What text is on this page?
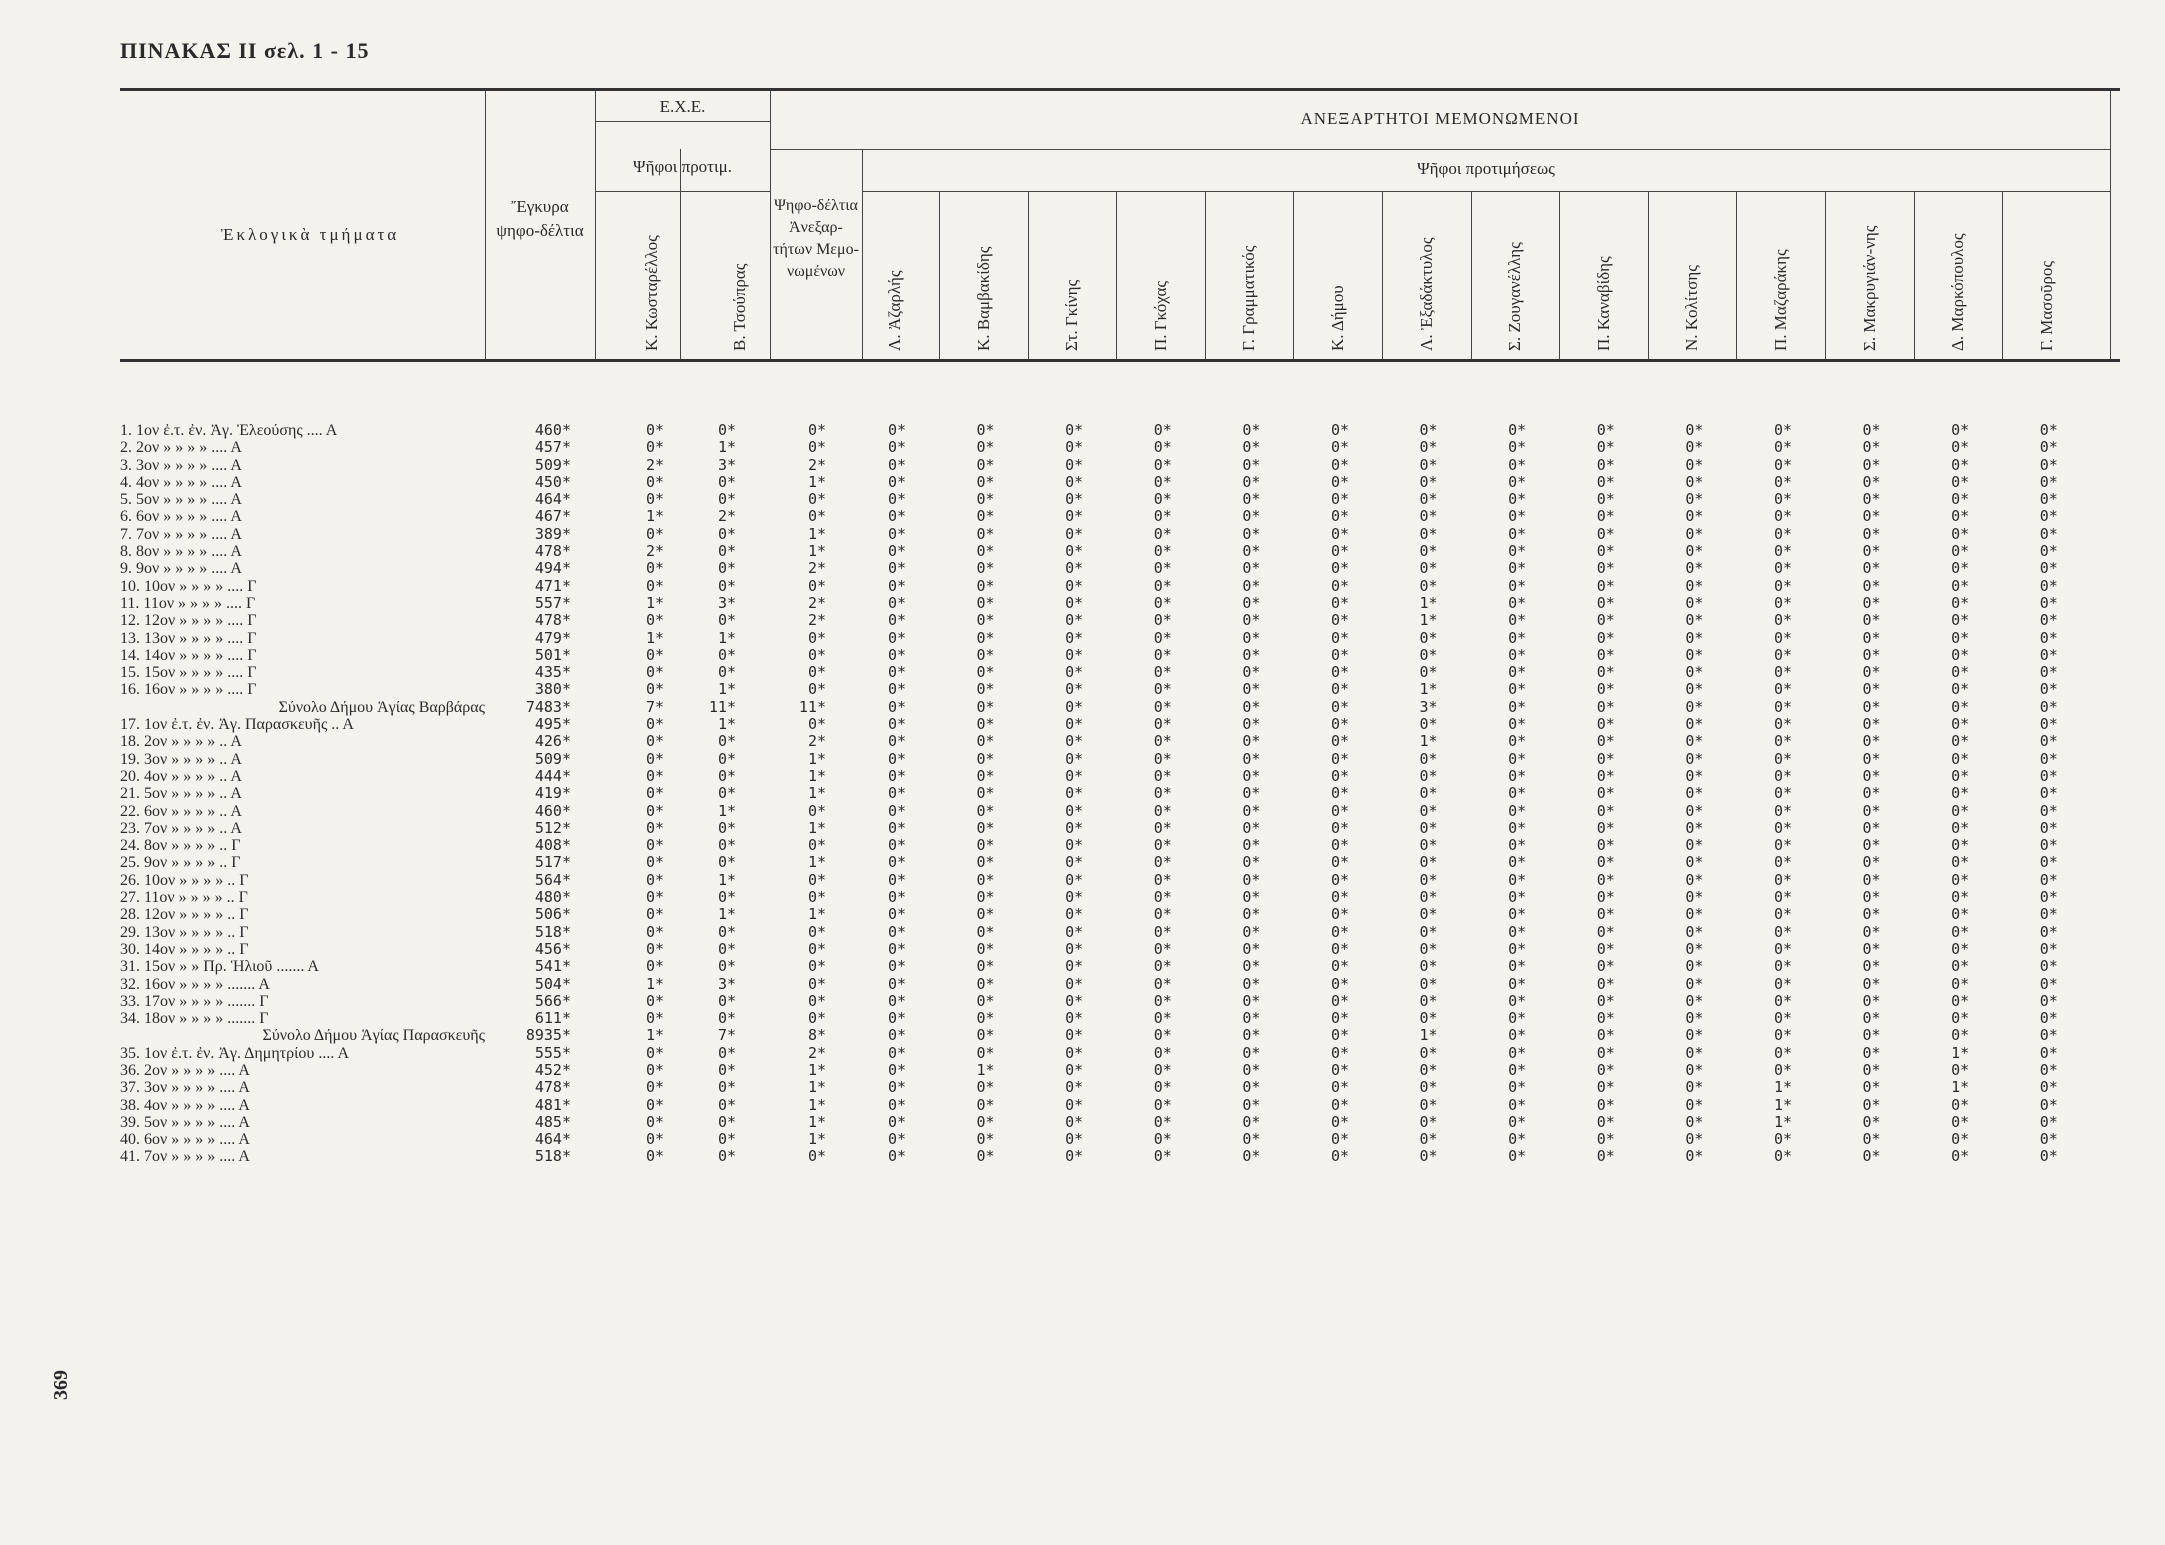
ΠΙΝΑΚΑΣ ΙΙ σελ. 1 - 15
369
Ἐκλογικὰ τμήματα
Ἔγκυρα ψηφο-δέλτια
Ε.Χ.Ε.
Ψῆφοι προτιμ.
ΑΝΕΞΑΡΤΗΤΟΙ ΜΕΜΟΝΩΜΕΝΟΙ
Ψῆφοι προτιμήσεως
Ψηφο-δέλτια Ἀνεξαρ-τήτων Μεμο-νωμένων
Κ. Κωσταρέλλος	Β. Τσούπρας	Λ. Ἀζαρλής	Κ. Βαμβακίδης	Στ. Γκίνης	Π. Γκόχας	Γ. Γραμματικός	Κ. Δήμου	Λ. Ἐξαδάκτυλος	Σ. Ζουγανέλλης	Π. Καναβίδης	Ν. Κολίτσης	Π. Μαζαράκης	Σ. Μακρυγιάν-νης	Δ. Μαρκόπουλος	Γ. Μασοῦρος
1. 1ον ἐ.τ. ἐν. Ἀγ. Ἐλεούσης .... Α	460*	0*	0*	0*	0*	0*	0*	0*	0*	0*	0*	0*	0*	0*	0*	0*	0*	0*
2. 2ον » » » » .... Α	457*	0*	1*	0*	0*	0*	0*	0*	0*	0*	0*	0*	0*	0*	0*	0*	0*	0*
3. 3ον » » » » .... Α	509*	2*	3*	2*	0*	0*	0*	0*	0*	0*	0*	0*	0*	0*	0*	0*	0*	0*
4. 4ον » » » » .... Α	450*	0*	0*	1*	0*	0*	0*	0*	0*	0*	0*	0*	0*	0*	0*	0*	0*	0*
5. 5ον » » » » .... Α	464*	0*	0*	0*	0*	0*	0*	0*	0*	0*	0*	0*	0*	0*	0*	0*	0*	0*
6. 6ον » » » » .... Α	467*	1*	2*	0*	0*	0*	0*	0*	0*	0*	0*	0*	0*	0*	0*	0*	0*	0*
7. 7ον » » » » .... Α	389*	0*	0*	1*	0*	0*	0*	0*	0*	0*	0*	0*	0*	0*	0*	0*	0*	0*
8. 8ον » » » » .... Α	478*	2*	0*	1*	0*	0*	0*	0*	0*	0*	0*	0*	0*	0*	0*	0*	0*	0*
9. 9ον » » » » .... Α	494*	0*	0*	2*	0*	0*	0*	0*	0*	0*	0*	0*	0*	0*	0*	0*	0*	0*
10. 10ον » » » » .... Γ	471*	0*	0*	0*	0*	0*	0*	0*	0*	0*	0*	0*	0*	0*	0*	0*	0*	0*
11. 11ον » » » » .... Γ	557*	1*	3*	2*	0*	0*	0*	0*	0*	0*	1*	0*	0*	0*	0*	0*	0*	0*
12. 12ον » » » » .... Γ	478*	0*	0*	2*	0*	0*	0*	0*	0*	0*	1*	0*	0*	0*	0*	0*	0*	0*
13. 13ον » » » » .... Γ	479*	1*	1*	0*	0*	0*	0*	0*	0*	0*	0*	0*	0*	0*	0*	0*	0*	0*
14. 14ον » » » » .... Γ	501*	0*	0*	0*	0*	0*	0*	0*	0*	0*	0*	0*	0*	0*	0*	0*	0*	0*
15. 15ον » » » » .... Γ	435*	0*	0*	0*	0*	0*	0*	0*	0*	0*	0*	0*	0*	0*	0*	0*	0*	0*
16. 16ον » » » » .... Γ	380*	0*	1*	0*	0*	0*	0*	0*	0*	0*	1*	0*	0*	0*	0*	0*	0*	0*
Σύνολο Δήμου Ἁγίας Βαρβάρας	7483*	7*	11*	11*	0*	0*	0*	0*	0*	0*	3*	0*	0*	0*	0*	0*	0*	0*
17. 1ον ἐ.τ. ἐν. Ἀγ. Παρασκευῆς .. Α	495*	0*	1*	0*	0*	0*	0*	0*	0*	0*	0*	0*	0*	0*	0*	0*	0*	0*
18. 2ον » » » » .. Α	426*	0*	0*	2*	0*	0*	0*	0*	0*	0*	1*	0*	0*	0*	0*	0*	0*	0*
19. 3ον » » » » .. Α	509*	0*	0*	1*	0*	0*	0*	0*	0*	0*	0*	0*	0*	0*	0*	0*	0*	0*
20. 4ον » » » » .. Α	444*	0*	0*	1*	0*	0*	0*	0*	0*	0*	0*	0*	0*	0*	0*	0*	0*	0*
21. 5ον » » » » .. Α	419*	0*	0*	1*	0*	0*	0*	0*	0*	0*	0*	0*	0*	0*	0*	0*	0*	0*
22. 6ον » » » » .. Α	460*	0*	1*	0*	0*	0*	0*	0*	0*	0*	0*	0*	0*	0*	0*	0*	0*	0*
23. 7ον » » » » .. Α	512*	0*	0*	1*	0*	0*	0*	0*	0*	0*	0*	0*	0*	0*	0*	0*	0*	0*
24. 8ον » » » » .. Γ	408*	0*	0*	0*	0*	0*	0*	0*	0*	0*	0*	0*	0*	0*	0*	0*	0*	0*
25. 9ον » » » » .. Γ	517*	0*	0*	1*	0*	0*	0*	0*	0*	0*	0*	0*	0*	0*	0*	0*	0*	0*
26. 10ον » » » » .. Γ	564*	0*	1*	0*	0*	0*	0*	0*	0*	0*	0*	0*	0*	0*	0*	0*	0*	0*
27. 11ον » » » » .. Γ	480*	0*	0*	0*	0*	0*	0*	0*	0*	0*	0*	0*	0*	0*	0*	0*	0*	0*
28. 12ον » » » » .. Γ	506*	0*	1*	1*	0*	0*	0*	0*	0*	0*	0*	0*	0*	0*	0*	0*	0*	0*
29. 13ον » » » » .. Γ	518*	0*	0*	0*	0*	0*	0*	0*	0*	0*	0*	0*	0*	0*	0*	0*	0*	0*
30. 14ον » » » » .. Γ	456*	0*	0*	0*	0*	0*	0*	0*	0*	0*	0*	0*	0*	0*	0*	0*	0*	0*
31. 15ον » » Πρ. Ἡλιοῦ ....... Α	541*	0*	0*	0*	0*	0*	0*	0*	0*	0*	0*	0*	0*	0*	0*	0*	0*	0*
32. 16ον » » » » ....... Α	504*	1*	3*	0*	0*	0*	0*	0*	0*	0*	0*	0*	0*	0*	0*	0*	0*	0*
33. 17ον » » » » ....... Γ	566*	0*	0*	0*	0*	0*	0*	0*	0*	0*	0*	0*	0*	0*	0*	0*	0*	0*
34. 18ον » » » » ....... Γ	611*	0*	0*	0*	0*	0*	0*	0*	0*	0*	0*	0*	0*	0*	0*	0*	0*	0*
Σύνολο Δήμου Ἁγίας Παρασκευῆς	8935*	1*	7*	8*	0*	0*	0*	0*	0*	0*	1*	0*	0*	0*	0*	0*	0*	0*
35. 1ον ἐ.τ. ἐν. Ἀγ. Δημητρίου .... Α	555*	0*	0*	2*	0*	0*	0*	0*	0*	0*	0*	0*	0*	0*	0*	0*	1*	0*
36. 2ον » » » » .... Α	452*	0*	0*	1*	0*	1*	0*	0*	0*	0*	0*	0*	0*	0*	0*	0*	0*	0*
37. 3ον » » » » .... Α	478*	0*	0*	1*	0*	0*	0*	0*	0*	0*	0*	0*	0*	0*	1*	0*	1*	0*
38. 4ον » » » » .... Α	481*	0*	0*	1*	0*	0*	0*	0*	0*	0*	0*	0*	0*	0*	1*	0*	0*	0*
39. 5ον » » » » .... Α	485*	0*	0*	1*	0*	0*	0*	0*	0*	0*	0*	0*	0*	0*	1*	0*	0*	0*
40. 6ον » » » » .... Α	464*	0*	0*	1*	0*	0*	0*	0*	0*	0*	0*	0*	0*	0*	0*	0*	0*	0*
41. 7ον » » » » .... Α	518*	0*	0*	0*	0*	0*	0*	0*	0*	0*	0*	0*	0*	0*	0*	0*	0*	0*
